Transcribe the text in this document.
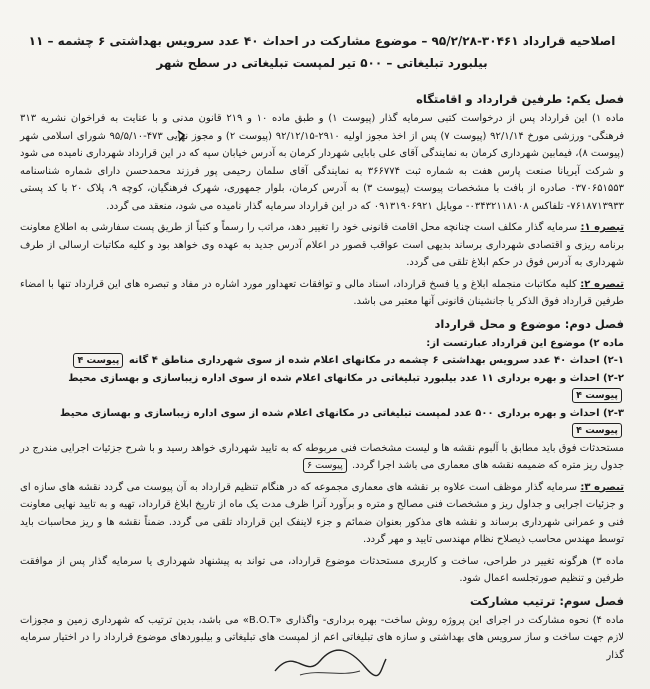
اصلاحیه قرارداد ۳۰۴۶۱-۹۵/۲/۲۸ – موضوع مشارکت در احداث ۴۰ عدد سرویس بهداشتی ۶ چشمه – ۱۱ بیلبورد تبلیغاتی – ۵۰۰ تیر لمپست تبلیغاتی در سطح شهر
فصل یکم: طرفین قرارداد و اقامتگاه

ماده ۱) این قرارداد پس از درخواست کتبی سرمایه گذار (پیوست ۱) و طبق ماده ۱۰ و ۲۱۹ قانون مدنی و با عنایت به فراخوان نشریه ۳۱۳ فرهنگی- ورزشی مورخ ۹۲/۱/۱۴ (پیوست ۷) پس از اخذ مجوز اولیه ۲۹۱۰-۹۲/۱۲/۱۵ (پیوست ۲) و مجوز نهایی ۴۷۳-۹۵/۵/۱۰ شورای اسلامی شهر (پیوست ۸)، فیمابین شهرداری کرمان به نمایندگی آقای علی بابایی شهردار کرمان به آدرس خیابان سپه که در این قرارداد شهرداری نامیده می شود و شرکت آیریانا صنعت پارس هفت به شماره ثبت ۳۶۶۷۷۴ به نمایندگی آقای سلمان رحیمی پور فرزند محمدحسن دارای شماره شناسنامه ۰۳۷۰۶۵۱۵۵۳ صادره از بافت با مشخصات پیوست (پیوست ۳) به آدرس کرمان، بلوار جمهوری، شهرک فرهنگیان، کوچه ۹، پلاک ۲۰ با کد پستی ۷۶۱۸۷۱۳۹۳۳- تلفاکس ۰۳۴۳۲۱۱۸۱۰۸- موبایل ۰۹۱۳۱۹۰۶۹۲۱ که در این قرارداد سرمایه گذار نامیده می شود، منعقد می گردد.

تبصره ۱: سرمایه گذار مکلف است چنانچه محل اقامت قانونی خود را تغییر دهد، مراتب را رسماً و کتباً از طریق پست سفارشی به اطلاع معاونت برنامه ریزی و اقتصادی شهرداری برساند بدیهی است عواقب قصور در اعلام آدرس جدید به عهده وی خواهد بود و کلیه مکاتبات ارسالی از طرف شهرداری به آدرس فوق در حکم ابلاغ تلقی می گردد.

تبصره ۲: کلیه مکاتبات منجمله ابلاغ و یا فسخ قرارداد، اسناد مالی و توافقات تعهداور مورد اشاره در مفاد و تبصره های این قرارداد تنها با امضاء طرفین قرارداد فوق الذکر یا جانشینان قانونی آنها معتبر می باشد.

فصل دوم: موضوع و محل قرارداد

ماده ۲) موضوع این قرارداد عبارتست از:

۲-۱) احداث ۴۰ عدد سرویس بهداشتی ۶ چشمه در مکانهای اعلام شده از سوی شهرداری مناطق ۴ گانه پیوست ۴

۲-۲) احداث و بهره برداری ۱۱ عدد بیلبورد تبلیغاتی در مکانهای اعلام شده از سوی اداره زیباسازی و بهسازی محیط پیوست ۴

۲-۳) احداث و بهره برداری ۵۰۰ عدد لمپست تبلیغاتی در مکانهای اعلام شده از سوی اداره زیباسازی و بهسازی محیط پیوست ۴

مستحدثات فوق باید مطابق با آلبوم نقشه ها و لیست مشخصات فنی مربوطه که به تایید شهرداری خواهد رسید و با شرح جزئیات اجرایی مندرج در جدول ریز متره که ضمیمه نقشه های معماری می باشد اجرا گردد. پیوست ۶

تبصره ۳: سرمایه گذار موظف است علاوه بر نقشه های معماری مجموعه که در هنگام تنظیم قرارداد به آن پیوست می گردد نقشه های سازه ای و جزئیات اجرایی و جداول ریز و مشخصات فنی مصالح و متره و برآورد آنرا ظرف مدت یک ماه از تاریخ ابلاغ قرارداد، تهیه و به تایید نهایی معاونت فنی و عمرانی شهرداری برساند و نقشه های مذکور بعنوان ضمائم و جزء لاینفک این قرارداد تلقی می گردد. ضمناً نقشه ها و ریز محاسبات باید توسط مهندس محاسب ذیصلاح نظام مهندسی تایید و مهر گردد.

ماده ۳) هرگونه تغییر در طراحی، ساخت و کاربری مستحدثات موضوع قرارداد، می تواند به پیشنهاد شهرداری یا سرمایه گذار پس از موافقت طرفین و تنظیم صورتجلسه اعمال شود.

فصل سوم: ترتیب مشارکت

ماده ۴) نحوه مشارکت در اجرای این پروژه روش ساخت- بهره برداری- واگذاری «B.O.T» می باشد، بدین ترتیب که شهرداری زمین و مجوزات لازم جهت ساخت و ساز سرویس های بهداشتی و سازه های تبلیغاتی اعم از لمپست های تبلیغاتی و بیلبوردهای موضوع قرارداد را در اختیار سرمایه گذار
